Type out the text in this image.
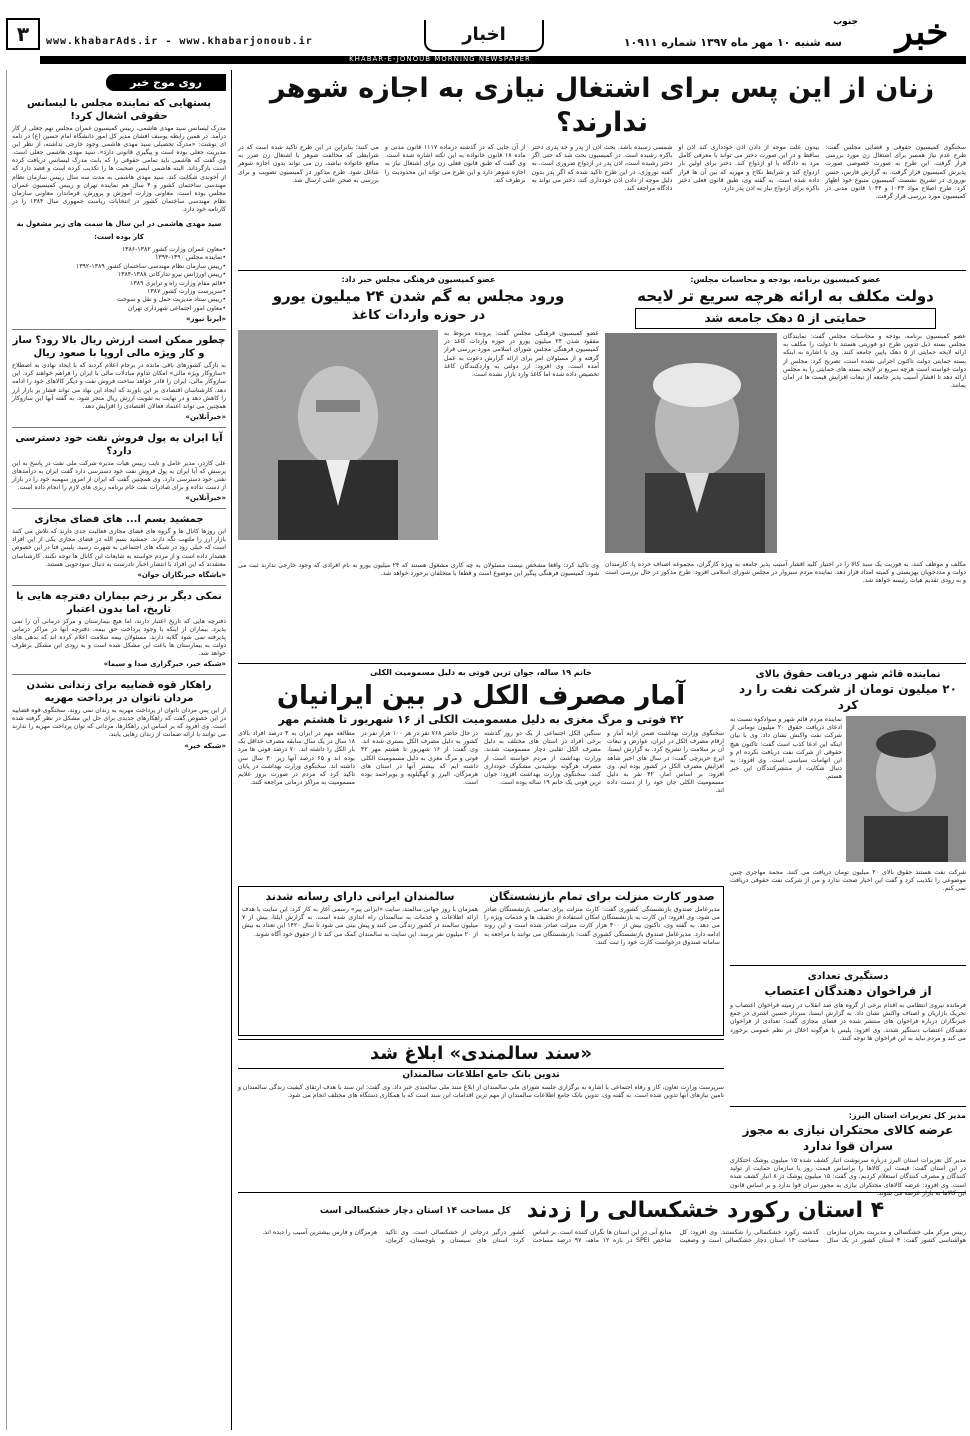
۳	www.khabarAds.ir - www.khabarjonoub.ir	اخبار	سه شنبه ۱۰ مهر ماه ۱۳۹۷ شماره ۱۰۹۱۱ خبر
جنوب
KHABAR-E-JONOUB MORNING NEWSPAPER
روی موج خبر
پستهایی که نماینده مجلس با لیسانس حقوقی اشغال کرد!
مدرک لیسانس سید مهدی هاشمی، رییس کمیسیون عمران مجلس نهم جعلی از کار درآمد. در همین رابطه یوسف افشان مدیر کل امور دانشگاه امام حسین (ع) در نامه ای نوشت: «مدرک تحصیلی سید مهدی هاشمی وجود خارجی نداشته، از نظر این مدیریت جعلی بوده است و پیگیری قانونی دارد». سید مهدی هاشمی جعلی است. وی گفت که هاشمی باید تمامی حقوقی را که بابت مدرک لیسانس دریافت کرده است بازگرداند. البته هاشمی ایسن صحبت ها را تکذیب کرده است و قصد دارد که از آخوندی شکایت کند. سید مهدی هاشمی به مدت سه سال رییس سازمان نظام مهندسی ساختمان کشور و ۴ سال هم نماینده تهران و رییس کمیسیون عمران مجلس بوده است. معاونی وزارت آموزش و پرورش، فرماندار، معاونی سازمان نظام مهندسی ساختمان کشور در انتخابات ریاست جمهوری سال ۱۳۸۴ را در کارنامه خود دارد.
سید مهدی هاشمی در این سال ها سمت های زیر مشغول به کار بوده است:
•معاون عمران وزارت کشور ۱۳۸۲-۱۳۸۶
•نماینده مجلس ۱۳۹۰-۱۳۹۴
•رییس سازمان نظام مهندسی ساختمان کشور ۱۳۸۹-۱۳۹۲
•رییس اورژانس نیرو تدارکاتی ۱۳۸۸-۱۳۸۴
•قائم مقام وزارت راه و ترابری ۱۳۸۹
•سرپرست وزارت کشور ۱۳۸۷
•رییس ستاد مدیریت حمل و نقل و سوخت
•معاون امور اجتماعی شهرداری تهران
«ایرنا نیوز»
چطور ممکن است ارزش ریال بالا رود؟ ساز و کار ویژه مالی اروپا با صعود ریال
به تازگی کشورهای باقی مانده در برجام اعلام کردند که با ایجاد نهادی به اصطلاح «سازوکار ویژه مالی» امکان تداوم مبادلات مالی با ایران را فراهم خواهند کرد. این سازوکار مالی، ایران را قادر خواهد ساخت فروش نفت و دیگر کالاهای خود را ادامه دهد. کارشناسان اقتصادی بر این باورند که ایجاد این نهاد می تواند فشار بر بازار ارز را کاهش دهد و در نهایت به تقویت ارزش ریال منجر شود. به گفته آنها این سازوکار همچنین می تواند اعتماد فعالان اقتصادی را افزایش دهد.
«خبرآنلاین»
آیا ایران به پول فروش نفت خود دسترسی دارد؟
علی کاردر، مدیر عامل و نایب رییس هیات مدیره شرکت ملی نفت در پاسخ به این پرسش که آیا ایران به پول فروش نفت خود دسترسی دارد گفت ایران به درآمدهای نفتی خود دسترسی دارد. وی همچنین گفت که ایران از امروز سهمیه خود را در بازار از دست نداده و برای صادرات نفت خام برنامه ریزی های لازم را انجام داده است.
«خبرآنلاین»
جمشید بسم ا... های فضای مجازی
این روزها کانال ها و گروه های فضای مجازی فعالیت جدی دارند که تلاش می کنند بازار ارز را ملتهب نگه دارند. جمشید بسم الله در فضای مجازی یکی از این افراد است که خیلی زود در شبکه های اجتماعی به شهرت رسید. پلیس فتا در این خصوص هشدار داده است و از مردم خواسته به شایعات این کانال ها توجه نکنند. کارشناسان معتقدند که این افراد با انتشار اخبار نادرست به دنبال سودجویی هستند.
«باشگاه خبرنگاران جوان»
نمکی دیگر بر زخم بیماران دفترچه هایی با تاریخ، اما بدون اعتبار
دفترچه هایی که تاریخ اعتبار دارند، اما هیچ بیمارستان و مرکز درمانی آن را نمی پذیرد. بیماران از اینکه با وجود پرداخت حق بیمه، دفترچه آنها در مراکز درمانی پذیرفته نمی شود گلایه دارند. مسئولان بیمه سلامت اعلام کرده اند که بدهی های دولت به بیمارستان ها باعث این مشکل شده است و به زودی این مشکل برطرف خواهد شد.
«شبکه خبر، خبرگزاری صدا و سیما»
راهکار قوه قضاییه برای زندانی نشدن مردان ناتوان در پرداخت مهریه
از این پس مردان ناتوان از پرداخت مهریه به زندان نمی روند. سخنگوی قوه قضاییه در این خصوص گفت که راهکارهای جدیدی برای حل این مشکل در نظر گرفته شده است. وی افزود که بر اساس این راهکارها، مردانی که توان پرداخت مهریه را ندارند می توانند با ارائه ضمانت از زندان رهایی یابند.
«شبکه خبر»
زنان از این پس برای اشتغال نیازی به اجازه شوهر ندارند؟
سخنگوی کمیسیون حقوقی و قضایی مجلس گفت: طرح عدم نیاز همسر برای اشتغال زن مورد بررسی قرار گرفت. این طرح به صورت خصوصی صورت پذیرش کمیسیون قرار گرفت. به گزارش فارس، حسن نوروزی در تشریح نشست کمیسیون متبوع خود اظهار کرد: طرح اصلاح مواد ۱۰۴۳ و ۱۰۴۴ قانون مدنی در کمیسیون مورد بررسی قرار گرفت.
بیدون علت موجه از دادن اذن خودداری کند اذن او ساقط و در این صورت دختر می تواند با معرفی کامل مرد به دادگاه با او ازدواج کند. دختر برای اولین بار ازدواج کند و شرایط نکاح و مهریه که بین آن ها قرار داده شده است. به گفته وی، طبق قانون فعلی دختر باکره برای ازدواج نیاز به اذن پدر دارد.
شمسی رسیده باشد. بحث اذن از پدر و جد پدری دختر باکره رشیده است. در کمیسیون بحث شد که حتی اگر دختر رشیده است، اذن پدر در ازدواج ضروری است. به گفته نوروزی، در این طرح تاکید شده که اگر پدر بدون دلیل موجه از دادن اذن خودداری کند، دختر می تواند به دادگاه مراجعه کند.
از آن جایی که در گذشته درماده ۱۱۱۷ قانون مدنی و ماده ۱۸ قانون خانواده به این نکته اشاره شده است. وی گفت که طبق قانون فعلی زن برای اشتغال نیاز به اجازه شوهر دارد و این طرح می تواند این محدودیت را برطرف کند.
می کنند؛ بنابراین در این طرح تاکید شده است که در شرایطی که مخالفت شوهر با اشتغال زن ضرر به منافع خانواده نباشد، زن می تواند بدون اجازه شوهر شاغل شود. طرح مذکور در کمیسیون تصویب و برای بررسی به صحن علنی ارسال شد.
عضو کمیسیون برنامه، بودجه و محاسبات مجلس:
دولت مکلف به ارائه هرچه سریع تر لایحه
حمایتی از ۵ دهک جامعه شد
عضو کمیسیون برنامه، بودجه و محاسبات مجلس گفت: نمایندگان مجلس بسته ذیل تدوین طرح دو فوریتی هستند تا دولت را مکلف به ارائه لایحه حمایتی از ۵ دهک پایین جامعه کنند. وی با اشاره به اینکه بسته حمایتی دولت تاکنون اجرایی نشده است، تصریح کرد: مجلس از دولت خواسته است هرچه سریع تر لایحه بسته های حمایتی را به مجلس ارائه دهد تا اقشار آسیب پذیر جامعه از تبعات افزایش قیمت ها در امان بمانند.
مکلف و موظف کنند، به فوریت یک سبد کالا را در اختیار کلیه اقشار آسیب پذیر جامعه به ویژه کارگران، مجموعه اصناف خرده پا، کارمندان دولت و مددجویان بهزیستی و کمیته امداد قرار دهد. نماینده مردم سبزوار در مجلس شورای اسلامی افزود: طرح مذکور در حال بررسی است و به زودی تقدیم هیات رئیسه خواهد شد.
عضو کمیسیون فرهنگی مجلس خبر داد:
ورود مجلس به گم شدن ۲۴ میلیون یورو
در حوزه واردات کاغذ
عضو کمیسیون فرهنگی مجلس گفت: پرونده مربوط به مفقود شدن ۲۴ میلیون یورو در حوزه واردات کاغذ در کمیسیون فرهنگی مجلس شورای اسلامی مورد بررسی قرار گرفته و از مسئولان امر برای ارائه گزارش دعوت به عمل آمده است. وی افزود: ارز دولتی به واردکنندگان کاغذ تخصیص داده شده اما کاغذ وارد بازار نشده است.
وی تاکید کرد: واقعا مشخص نیست مسئولان به چه کاری مشغول هستند که ۲۴ میلیون یورو به نام افرادی که وجود خارجی ندارند ثبت می شود. کمیسیون فرهنگی پیگیر این موضوع است و قطعا با متخلفان برخورد خواهد شد.
نماینده قائم شهر دریافت حقوق بالای
۲۰ میلیون تومان از شرکت نفت را رد کرد
نماینده مردم قائم شهر و سوادکوه نسبت به ادعای دریافت حقوق ۲۰ میلیون تومانی از شرکت نفت واکنش نشان داد. وی با بیان اینکه این ادعا کذب است گفت: تاکنون هیچ حقوقی از شرکت نفت دریافت نکرده ام و این اتهامات سیاسی است. وی افزود: به دنبال شکایت از منتشرکنندگان این خبر هستم.
شرکت نفت هستند حقوق بالای ۲۰ میلیون تومان دریافت می کنند. محمد مهاجری چنین موضوعی را تکذیب کرد و گفت این اخبار صحت ندارد و من از شرکت نفت حقوقی دریافت نمی کنم.
دستگیری تعدادی
از فراخوان دهندگان اعتصاب
فرمانده نیروی انتظامی به اقدام برخی از گروه های ضد انقلاب در زمینه فراخوان اعتصاب و تحریک بازاریان و اصناف واکنش نشان داد. به گزارش ایسنا، سردار حسین اشتری در جمع خبرنگاران درباره فراخوان های منتشر شده در فضای مجازی گفت: تعدادی از فراخوان دهندگان اعتصاب دستگیر شدند. وی افزود: پلیس با هرگونه اخلال در نظم عمومی برخورد می کند و مردم نباید به این فراخوان ها توجه کنند.
مدیر کل تعزیرات استان البرز:
عرضه کالای محتکران نیازی به مجوز
سران قوا ندارد
مدیر کل تعزیرات استان البرز درباره سرنوشت اتبار کشف شده ۱۵ میلیون پوشک احتکاری در این استان گفت: قیمت این کالاها را براساس قیمت روز با سازمان حمایت از تولید کنندگان و مصرف کنندگان استعلام کردیم. وی گفت: ۱۵ میلیون پوشک در ۸ انبار کشف شده است. وی افزود: عرضه کالاهای محتکران نیازی به مجوز سران قوا ندارد و بر اساس قانون این کالاها به بازار عرضه می شوند.
خانم ۱۹ ساله، جوان ترین فوتی به دلیل مسمومیت الکلی
آمار مصرف الکل در بین ایرانیان
۴۲ فوتی و مرگ مغزی به دلیل مسمومیت الکلی از ۱۶ شهریور تا هشتم مهر
سخنگوی وزارت بهداشت ضمن ارایه آمار و ارقام مصرف الکل در ایران، عوارض و تبعات آن بر سلامت را تشریح کرد. به گزارش ایسنا، ایرج حریرچی گفت: در سال های اخیر شاهد افزایش مصرف الکل در کشور بوده ایم. وی افزود: بر اساس آمار، ۴۲ نفر به دلیل مسمومیت الکلی جان خود را از دست داده اند.
سنگین الکل اجتماعی از یک دو روز گذشته برخی افراد در استان های مختلف به دلیل مصرف الکل تقلبی دچار مسمومیت شدند. وزارت بهداشت از مردم خواسته است از مصرف هرگونه نوشیدنی مشکوک خودداری کنند. سخنگوی وزارت بهداشت افزود: جوان ترین فوتی یک خانم ۱۹ ساله بوده است.
در حال حاضر ۷۶۸ نفر در هر ۱۰۰ هزار نفر در کشور به دلیل مصرف الکل بستری شده اند. وی گفت: از ۱۶ شهریور تا هشتم مهر ۴۲ فوتی و مرگ مغزی به دلیل مسمومیت الکلی داشته ایم که بیشتر آنها در استان های هرمزگان، البرز و کهگیلویه و بویراحمد بوده است.
مطالعه مهم در ایران به ۴ درصد افراد بالای ۱۸ سال در یک سال سابقه مصرف حداقل یک بار الکل را داشته اند. ۷۰ درصد فوتی ها مرد بوده اند و ۶۵ درصد آنها زیر ۳۰ سال سن داشته اند. سخنگوی وزارت بهداشت در پایان تاکید کرد که مردم در صورت بروز علایم مسمومیت به مراکز درمانی مراجعه کنند.
صدور کارت منزلت برای تمام بازنشستگان
مدیرعامل صندوق بازنشستگی کشوری گفت: کارت منزلت برای تمامی بازنشستگان صادر می شود. وی افزود: این کارت به بازنشستگان امکان استفاده از تخفیف ها و خدمات ویژه را می دهد. به گفته وی، تاکنون بیش از ۴۰۰ هزار کارت منزلت صادر شده است و این روند ادامه دارد. مدیرعامل صندوق بازنشستگی کشوری گفت: بازنشستگان می توانند با مراجعه به سامانه صندوق درخواست کارت خود را ثبت کنند.
سالمندان ایرانی دارای رسانه شدند
همزمان با روز جهانی سالمند، سایت «ایرانی پیر» رسمی آغاز به کار کرد. این سایت با هدف ارائه اطلاعات و خدمات به سالمندان راه اندازی شده است. به گزارش ایلنا، بیش از ۷ میلیون سالمند در کشور زندگی می کنند و پیش بینی می شود تا سال ۱۴۲۰ این تعداد به بیش از ۲۰ میلیون نفر برسد. این سایت به سالمندان کمک می کند تا از حقوق خود آگاه شوند.
«سند سالمندی» ابلاغ شد
تدوین بانک جامع اطلاعات سالمندان
سرپرست وزارت تعاون، کار و رفاه اجتماعی با اشاره به برگزاری جلسه شورای ملی سالمندان از ابلاغ سند ملی سالمندی خبر داد. وی گفت: این سند با هدف ارتقای کیفیت زندگی سالمندان و تامین نیازهای آنها تدوین شده است. به گفته وی، تدوین بانک جامع اطلاعات سالمندان از مهم ترین اقدامات این سند است که با همکاری دستگاه های مختلف انجام می شود.
۴ استان رکورد خشکسالی را زدند
کل مساحت ۱۴ استان دچار خشکسالی است
رییس مرکز ملی خشکسالی و مدیریت بحران سازمان هواشناسی کشور گفت: ۴ استان کشور در یک سال گذشته رکورد خشکسالی را شکستند. وی افزود: کل مساحت ۱۴ استان دچار خشکسالی است و وضعیت منابع آبی در این استان ها نگران کننده است. بر اساس شاخص SPEI در بازه ۱۲ ماهه، ۹۷ درصد مساحت کشور درگیر درجاتی از خشکسالی است. وی تاکید کرد: استان های سیستان و بلوچستان، کرمان، هرمزگان و فارس بیشترین آسیب را دیده اند.
